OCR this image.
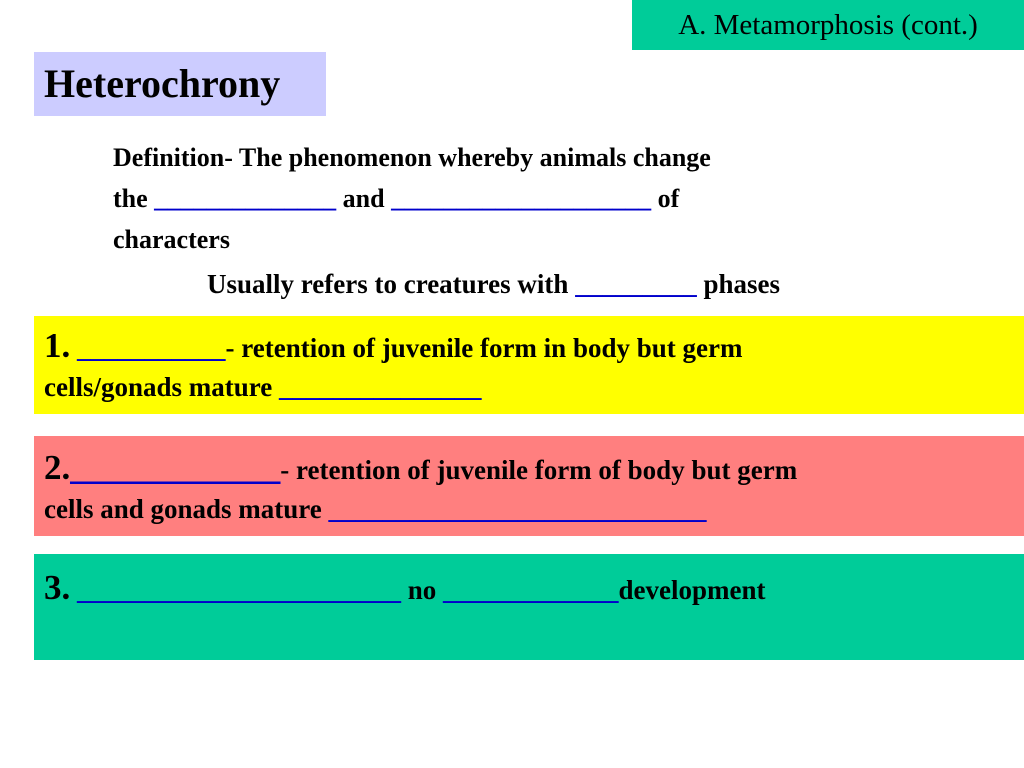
A. Metamorphosis (cont.)
Heterochrony
Definition- The phenomenon whereby animals change
the ______________ and ____________________ of
characters
Usually refers to creatures with _________ phases
1. ___________- retention of juvenile form in body but germ
cells/gonads mature _______________
2.____________- retention of juvenile form of body but germ
cells and gonads mature ____________________________
3. ________________________ no _____________development
